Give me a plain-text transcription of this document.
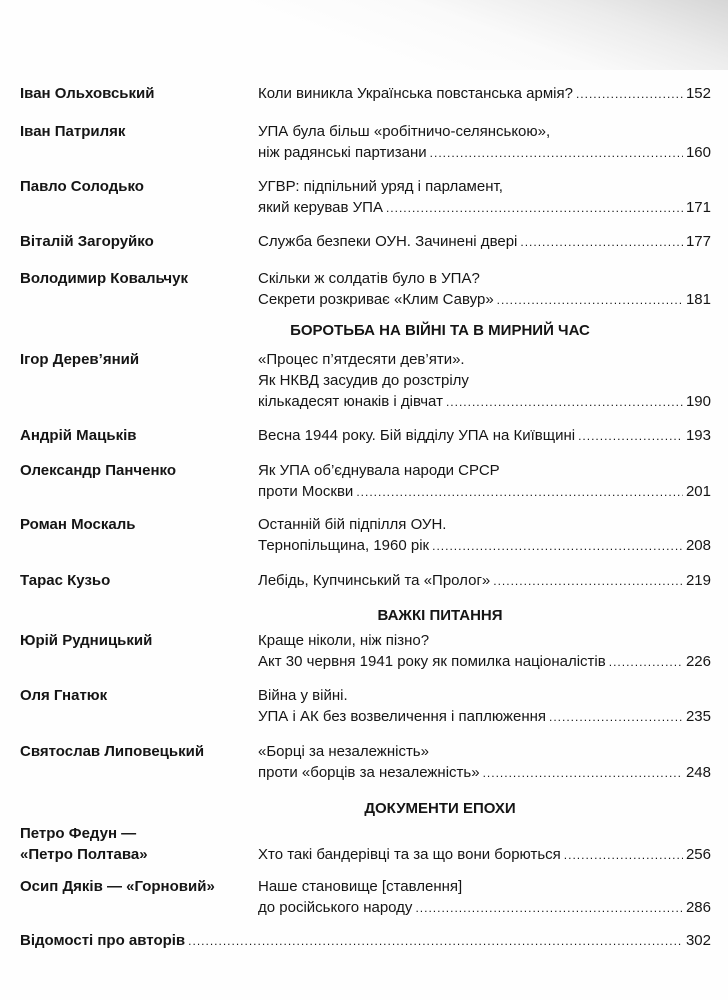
Іван Ольховський	Коли виникла Українська повстанська армія? .....	152
Іван Патриляк	УПА була більш «робітничо-селянською»,
ніж радянські партизани .....	160
Павло Солодько	УГВР: підпільний уряд і парламент,
який керував УПА .....	171
Віталій Загоруйко	Служба безпеки ОУН. Зачинені двері .....	177
Володимир Ковальчук	Скільки ж солдатів було в УПА?
Секрети розкриває «Клим Савур» .....	181
БОРОТЬБА НА ВІЙНІ ТА В МИРНИЙ ЧАС
Ігор Дерев’яний	«Процес п’ятдесяти дев’яти».
Як НКВД засудив до розстрілу
кількадесят юнаків і дівчат .....	190
Андрій Мацьків	Весна 1944 року. Бій відділу УПА на Київщині .....	193
Олександр Панченко	Як УПА об’єднувала народи СРСР
проти Москви .....	201
Роман Москаль	Останній бій підпілля ОУН.
Тернопільщина, 1960 рік .....	208
Тарас Кузьо	Лебідь, Купчинський та «Пролог» .....	219
ВАЖКІ ПИТАННЯ
Юрій Рудницький	Краще ніколи, ніж пізно?
Акт 30 червня 1941 року як помилка націоналістів .....	226
Оля Гнатюк	Війна у війні.
УПА і АК без возвеличення і паплюження .....	235
Святослав Липовецький	«Борці за незалежність»
проти «борців за незалежність» .....	248
ДОКУМЕНТИ ЕПОХИ
Петро Федун —
«Петро Полтава»	Хто такі бандерівці та за що вони борються .....	256
Осип Дяків — «Горновий»	Наше становище [ставлення]
до російського народу .....	286
Відомості про авторів .....	302
